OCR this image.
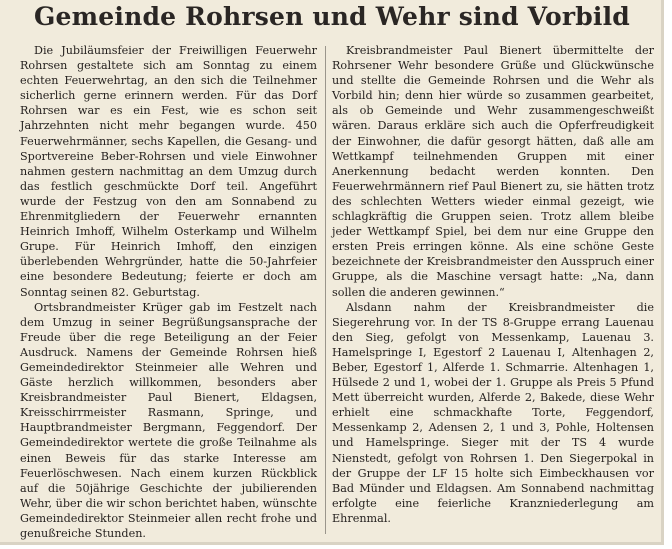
Gemeinde Rohrsen und Wehr sind Vorbild

Die Jubiläumsfeier der Freiwilligen Feuerwehr Rohrsen gestaltete sich am Sonntag zu einem echten Feuerwehrtag, an den sich die Teilnehmer sicherlich gerne erinnern werden. Für das Dorf Rohrsen war es ein Fest, wie es schon seit Jahrzehnten nicht mehr begangen wurde. 450 Feuerwehrmänner, sechs Kapellen, die Gesang- und Sportvereine Beber-Rohrsen und viele Einwohner nahmen gestern nachmittag an dem Umzug durch das festlich geschmückte Dorf teil. Angeführt wurde der Festzug von den am Sonnabend zu Ehrenmitgliedern der Feuerwehr ernannten Heinrich Imhoff, Wilhelm Osterkamp und Wilhelm Grupe. Für Heinrich Imhoff, den einzigen überlebenden Wehrgründer, hatte die 50-Jahrfeier eine besondere Bedeutung; feierte er doch am Sonntag seinen 82. Geburtstag.

Ortsbrandmeister Krüger gab im Festzelt nach dem Umzug in seiner Begrüßungsansprache der Freude über die rege Beteiligung an der Feier Ausdruck. Namens der Gemeinde Rohrsen hieß Gemeindedirektor Steinmeier alle Wehren und Gäste herzlich willkommen, besonders aber Kreisbrandmeister Paul Bienert, Eldagsen, Kreisschirrmeister Rasmann, Springe, und Hauptbrandmeister Bergmann, Feggendorf. Der Gemeindedirektor wertete die große Teilnahme als einen Beweis für das starke Interesse am Feuerlöschwesen. Nach einem kurzen Rückblick auf die 50jährige Geschichte der jubilierenden Wehr, über die wir schon berichtet haben, wünschte Gemeindedirektor Steinmeier allen recht frohe und genußreiche Stunden.

Kreisbrandmeister Paul Bienert übermittelte der Rohrsener Wehr besondere Grüße und Glückwünsche und stellte die Gemeinde Rohrsen und die Wehr als Vorbild hin; denn hier würde so zusammen gearbeitet, als ob Gemeinde und Wehr zusammengeschweißt wären. Daraus erkläre sich auch die Opferfreudigkeit der Einwohner, die dafür gesorgt hätten, daß alle am Wettkampf teilnehmenden Gruppen mit einer Anerkennung bedacht werden konnten. Den Feuerwehrmännern rief Paul Bienert zu, sie hätten trotz des schlechten Wetters wieder einmal gezeigt, wie schlagkräftig die Gruppen seien. Trotz allem bleibe jeder Wettkampf Spiel, bei dem nur eine Gruppe den ersten Preis erringen könne. Als eine schöne Geste bezeichnete der Kreisbrandmeister den Ausspruch einer Gruppe, als die Maschine versagt hatte: „Na, dann sollen die anderen gewinnen.“

Alsdann nahm der Kreisbrandmeister die Siegerehrung vor. In der TS 8-Gruppe errang Lauenau den Sieg, gefolgt von Messenkamp, Lauenau 3. Hamelspringe I, Egestorf 2 Lauenau I, Altenhagen 2, Beber, Egestorf 1, Alferde 1. Schmarrie. Altenhagen 1, Hülsede 2 und 1, wobei der 1. Gruppe als Preis 5 Pfund Mett überreicht wurden, Alferde 2, Bakede, diese Wehr erhielt eine schmackhafte Torte, Feggendorf, Messenkamp 2, Adensen 2, 1 und 3, Pohle, Holtensen und Hamelspringe. Sieger mit der TS 4 wurde Nienstedt, gefolgt von Rohrsen 1. Den Siegerpokal in der Gruppe der LF 15 holte sich Eimbeckhausen vor Bad Münder und Eldagsen. Am Sonnabend nachmittag erfolgte eine feierliche Kranzniederlegung am Ehrenmal.
